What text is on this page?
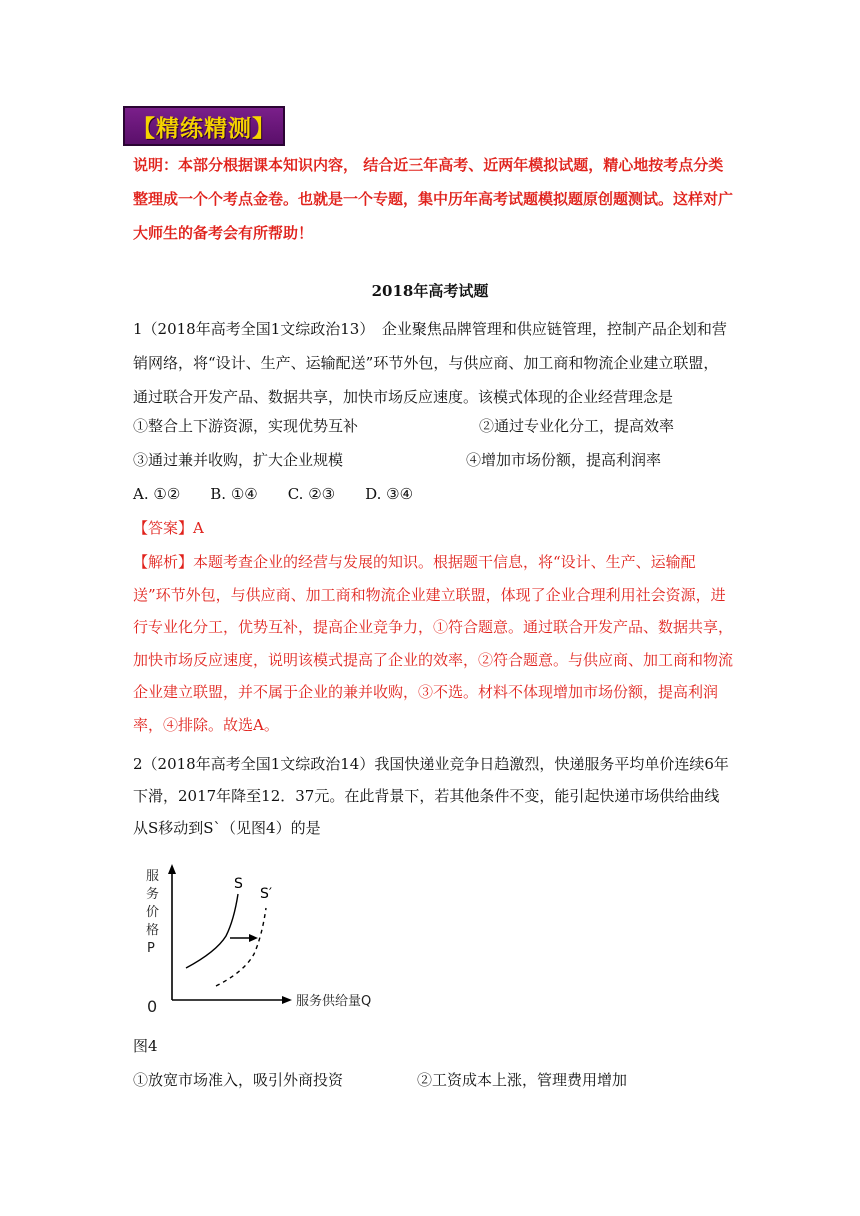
【精练精测】

说明：本部分根据课本知识内容， 结合近三年高考、近两年模拟试题，精心地按考点分类整理成一个个考点金卷。也就是一个专题，集中历年高考试题模拟题原创题测试。这样对广大师生的备考会有所帮助！

2018年高考试题

1（2018年高考全国1文综政治13）　企业聚焦品牌管理和供应链管理，控制产品企划和营销网络，将“设计、生产、运输配送”环节外包，与供应商、加工商和物流企业建立联盟，通过联合开发产品、数据共享，加快市场反应速度。该模式体现的企业经营理念是

①整合上下游资源，实现优势互补	②通过专业化分工，提高效率

③通过兼并收购，扩大企业规模	④增加市场份额，提高利润率

A. ①②　　B. ①④　　C. ②③　　D. ③④

【答案】A

【解析】本题考查企业的经营与发展的知识。根据题干信息，将“设计、生产、运输配送”环节外包，与供应商、加工商和物流企业建立联盟，体现了企业合理利用社会资源，进行专业化分工，优势互补，提高企业竞争力，①符合题意。通过联合开发产品、数据共享，加快市场反应速度，说明该模式提高了企业的效率，②符合题意。与供应商、加工商和物流企业建立联盟，并不属于企业的兼并收购，③不选。材料不体现增加市场份额，提高利润率，④排除。故选A。

2（2018年高考全国1文综政治14）我国快递业竞争日趋激烈，快递服务平均单价连续6年下滑，2017年降至12．37元。在此背景下，若其他条件不变，能引起快递市场供给曲线从S移动到S`（见图4）的是

服
务
价
格
P
0	服务供给量Q
S
S′

图4

①放宽市场准入，吸引外商投资	②工资成本上涨，管理费用增加
